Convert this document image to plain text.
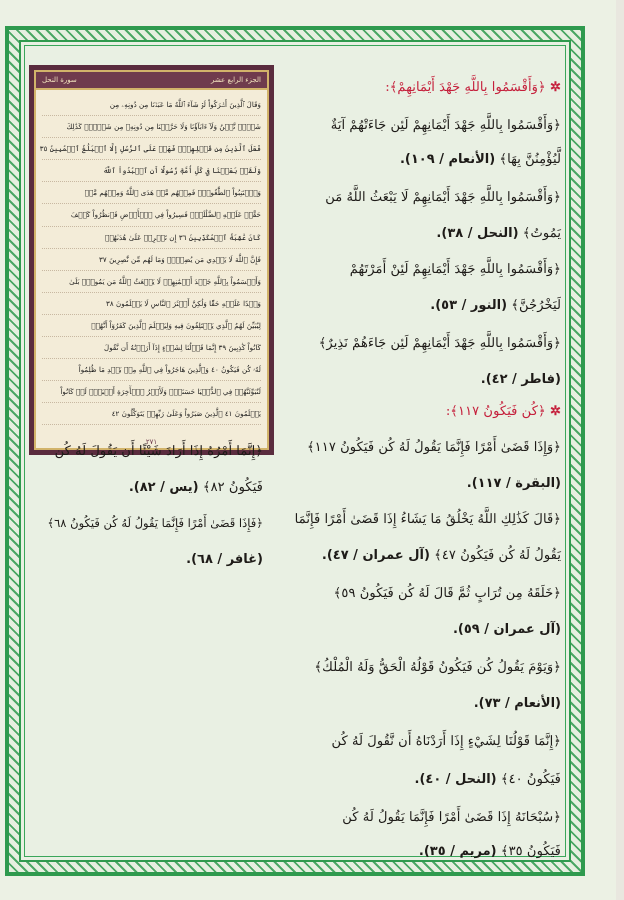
الجزء الرابع عشر
سورة النحل
وَقَالَ ٱلَّذِينَ أَشۡرَكُواْ لَوۡ شَآءَ ٱللَّهُ مَا عَبَدۡنَا مِن دُونِهِۦ مِن
شَيۡءٖ نَّحۡنُ وَلَآ ءَابَآؤُنَا وَلَا حَرَّمۡنَا مِن دُونِهِۦ مِن شَيۡءٖۚ كَذَٰلِكَ
فَعَلَ ٱلَّذِينَ مِن قَبۡلِهِمۡۚ فَهَلۡ عَلَى ٱلرُّسُلِ إِلَّا ٱلۡبَلَٰغُ ٱلۡمُبِينُ ٣٥
وَلَقَدۡ بَعَثۡنَا فِي كُلِّ أُمَّةٖ رَّسُولًا أَنِ ٱعۡبُدُواْ ٱللَّهَ
وَٱجۡتَنِبُواْ ٱلطَّٰغُوتَۖ فَمِنۡهُم مَّنۡ هَدَى ٱللَّهُ وَمِنۡهُم مَّنۡ
حَقَّتۡ عَلَيۡهِ ٱلضَّلَٰلَةُۚ فَسِيرُواْ فِي ٱلۡأَرۡضِ فَٱنظُرُواْ كَيۡفَ
كَانَ عَٰقِبَةُ ٱلۡمُكَذِّبِينَ ٣٦ إِن تَحۡرِصۡ عَلَىٰ هُدَىٰهُمۡ
فَإِنَّ ٱللَّهَ لَا يَهۡدِي مَن يُضِلُّۖ وَمَا لَهُم مِّن نَّٰصِرِينَ ٣٧
وَأَقۡسَمُواْ بِٱللَّهِ جَهۡدَ أَيۡمَٰنِهِمۡ لَا يَبۡعَثُ ٱللَّهُ مَن يَمُوتُۚ بَلَىٰ
وَعۡدًا عَلَيۡهِ حَقّٗا وَلَٰكِنَّ أَكۡثَرَ ٱلنَّاسِ لَا يَعۡلَمُونَ ٣٨
لِيُبَيِّنَ لَهُمُ ٱلَّذِي يَخۡتَلِفُونَ فِيهِ وَلِيَعۡلَمَ ٱلَّذِينَ كَفَرُوٓاْ أَنَّهُمۡ
كَانُواْ كَٰذِبِينَ ٣٩ إِنَّمَا قَوۡلُنَا لِشَيۡءٍ إِذَآ أَرَدۡنَٰهُ أَن نَّقُولَ
لَهُۥ كُن فَيَكُونُ ٤٠ وَٱلَّذِينَ هَاجَرُواْ فِي ٱللَّهِ مِنۢ بَعۡدِ مَا ظُلِمُواْ
لَنُبَوِّئَنَّهُمۡ فِي ٱلدُّنۡيَا حَسَنَةٗۖ وَلَأَجۡرُ ٱلۡأٓخِرَةِ أَكۡبَرُۚ لَوۡ كَانُواْ
يَعۡلَمُونَ ٤١ ٱلَّذِينَ صَبَرُواْ وَعَلَىٰ رَبِّهِمۡ يَتَوَكَّلُونَ ٤٢
٢٧١
✲ ﴿وَأَقْسَمُوا بِاللَّهِ جَهْدَ أَيْمَانِهِمْ﴾:
﴿وَأَقْسَمُوا بِاللَّهِ جَهْدَ أَيْمَانِهِمْ لَئِن جَاءَتْهُمْ آيَةٌ
لَّيُؤْمِنُنَّ بِهَا﴾ (الأنعام / ١٠٩).
﴿وَأَقْسَمُوا بِاللَّهِ جَهْدَ أَيْمَانِهِمْ لَا يَبْعَثُ اللَّهُ مَن
يَمُوتُ﴾ (النحل / ٣٨).
﴿وَأَقْسَمُوا بِاللَّهِ جَهْدَ أَيْمَانِهِمْ لَئِنْ أَمَرْتَهُمْ
لَيَخْرُجُنَّ﴾ (النور / ٥٣).
﴿وَأَقْسَمُوا بِاللَّهِ جَهْدَ أَيْمَانِهِمْ لَئِن جَاءَهُمْ نَذِيرٌ﴾
(فاطر / ٤٢).
✲ ﴿كُن فَيَكُونُ ١١٧﴾:
﴿وَإِذَا قَضَىٰ أَمْرًا فَإِنَّمَا يَقُولُ لَهُ كُن فَيَكُونُ ١١٧﴾
﴿إِنَّمَا أَمْرُهُ إِذَا أَرَادَ شَيْئًا أَن يَقُولَ لَهُ كُن
فَيَكُونُ ٨٢﴾ (يس / ٨٢).
﴿فَإِذَا قَضَىٰ أَمْرًا فَإِنَّمَا يَقُولُ لَهُ كُن فَيَكُونُ ٦٨﴾
(غافر / ٦٨).
(البقرة / ١١٧).
﴿قَالَ كَذَٰلِكِ اللَّهُ يَخْلُقُ مَا يَشَاءُ إِذَا قَضَىٰ أَمْرًا فَإِنَّمَا
يَقُولُ لَهُ كُن فَيَكُونُ ٤٧﴾ (آل عمران / ٤٧).
﴿خَلَقَهُ مِن تُرَابٍ ثُمَّ قَالَ لَهُ كُن فَيَكُونُ ٥٩﴾
(آل عمران / ٥٩).
﴿وَيَوْمَ يَقُولُ كُن فَيَكُونُ قَوْلُهُ الْحَقُّ وَلَهُ الْمُلْكُ﴾
(الأنعام / ٧٣).
﴿إِنَّمَا قَوْلُنَا لِشَيْءٍ إِذَا أَرَدْنَاهُ أَن نَّقُولَ لَهُ كُن
فَيَكُونُ ٤٠﴾ (النحل / ٤٠).
﴿سُبْحَانَهُ إِذَا قَضَىٰ أَمْرًا فَإِنَّمَا يَقُولُ لَهُ كُن
فَيَكُونُ ٣٥﴾ (مريم / ٣٥).
